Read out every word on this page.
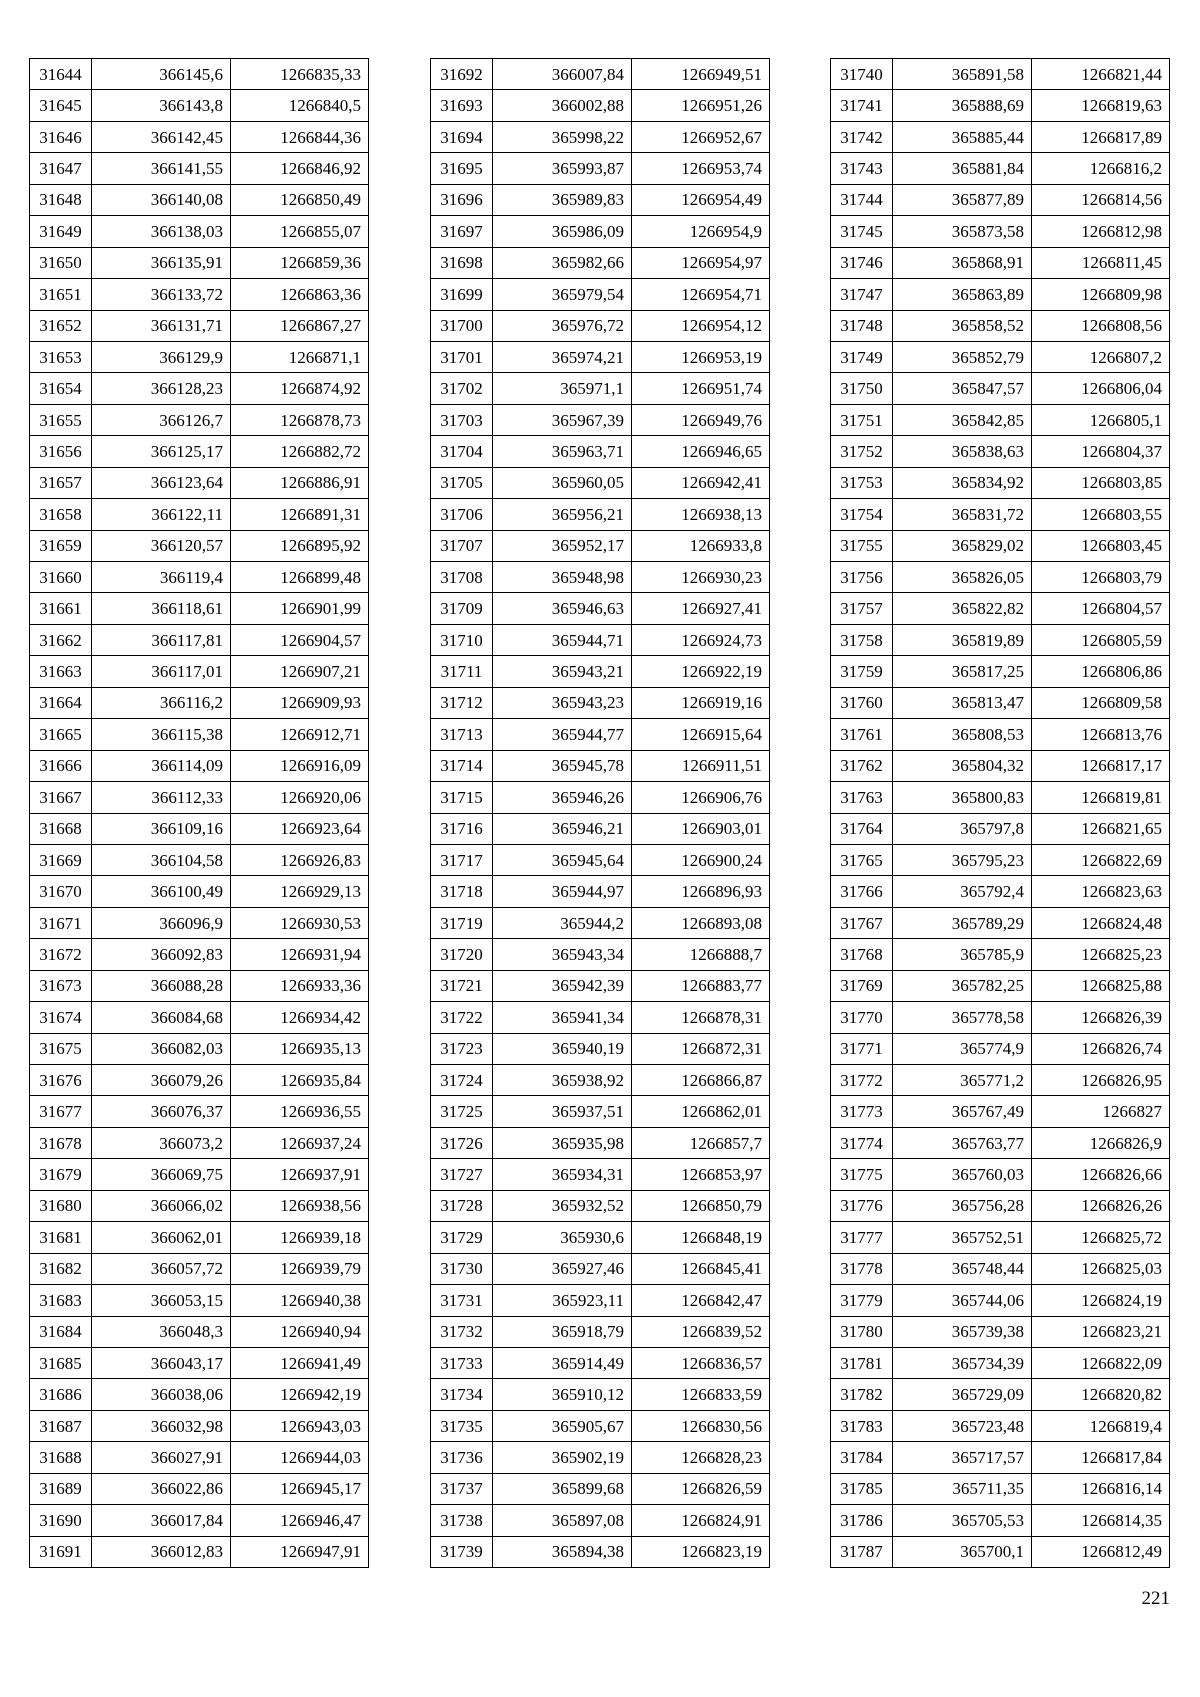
31644	366145,6	1266835,33
31645	366143,8	1266840,5
31646	366142,45	1266844,36
31647	366141,55	1266846,92
31648	366140,08	1266850,49
31649	366138,03	1266855,07
31650	366135,91	1266859,36
31651	366133,72	1266863,36
31652	366131,71	1266867,27
31653	366129,9	1266871,1
31654	366128,23	1266874,92
31655	366126,7	1266878,73
31656	366125,17	1266882,72
31657	366123,64	1266886,91
31658	366122,11	1266891,31
31659	366120,57	1266895,92
31660	366119,4	1266899,48
31661	366118,61	1266901,99
31662	366117,81	1266904,57
31663	366117,01	1266907,21
31664	366116,2	1266909,93
31665	366115,38	1266912,71
31666	366114,09	1266916,09
31667	366112,33	1266920,06
31668	366109,16	1266923,64
31669	366104,58	1266926,83
31670	366100,49	1266929,13
31671	366096,9	1266930,53
31672	366092,83	1266931,94
31673	366088,28	1266933,36
31674	366084,68	1266934,42
31675	366082,03	1266935,13
31676	366079,26	1266935,84
31677	366076,37	1266936,55
31678	366073,2	1266937,24
31679	366069,75	1266937,91
31680	366066,02	1266938,56
31681	366062,01	1266939,18
31682	366057,72	1266939,79
31683	366053,15	1266940,38
31684	366048,3	1266940,94
31685	366043,17	1266941,49
31686	366038,06	1266942,19
31687	366032,98	1266943,03
31688	366027,91	1266944,03
31689	366022,86	1266945,17
31690	366017,84	1266946,47
31691	366012,83	1266947,91
31692	366007,84	1266949,51
31693	366002,88	1266951,26
31694	365998,22	1266952,67
31695	365993,87	1266953,74
31696	365989,83	1266954,49
31697	365986,09	1266954,9
31698	365982,66	1266954,97
31699	365979,54	1266954,71
31700	365976,72	1266954,12
31701	365974,21	1266953,19
31702	365971,1	1266951,74
31703	365967,39	1266949,76
31704	365963,71	1266946,65
31705	365960,05	1266942,41
31706	365956,21	1266938,13
31707	365952,17	1266933,8
31708	365948,98	1266930,23
31709	365946,63	1266927,41
31710	365944,71	1266924,73
31711	365943,21	1266922,19
31712	365943,23	1266919,16
31713	365944,77	1266915,64
31714	365945,78	1266911,51
31715	365946,26	1266906,76
31716	365946,21	1266903,01
31717	365945,64	1266900,24
31718	365944,97	1266896,93
31719	365944,2	1266893,08
31720	365943,34	1266888,7
31721	365942,39	1266883,77
31722	365941,34	1266878,31
31723	365940,19	1266872,31
31724	365938,92	1266866,87
31725	365937,51	1266862,01
31726	365935,98	1266857,7
31727	365934,31	1266853,97
31728	365932,52	1266850,79
31729	365930,6	1266848,19
31730	365927,46	1266845,41
31731	365923,11	1266842,47
31732	365918,79	1266839,52
31733	365914,49	1266836,57
31734	365910,12	1266833,59
31735	365905,67	1266830,56
31736	365902,19	1266828,23
31737	365899,68	1266826,59
31738	365897,08	1266824,91
31739	365894,38	1266823,19
31740	365891,58	1266821,44
31741	365888,69	1266819,63
31742	365885,44	1266817,89
31743	365881,84	1266816,2
31744	365877,89	1266814,56
31745	365873,58	1266812,98
31746	365868,91	1266811,45
31747	365863,89	1266809,98
31748	365858,52	1266808,56
31749	365852,79	1266807,2
31750	365847,57	1266806,04
31751	365842,85	1266805,1
31752	365838,63	1266804,37
31753	365834,92	1266803,85
31754	365831,72	1266803,55
31755	365829,02	1266803,45
31756	365826,05	1266803,79
31757	365822,82	1266804,57
31758	365819,89	1266805,59
31759	365817,25	1266806,86
31760	365813,47	1266809,58
31761	365808,53	1266813,76
31762	365804,32	1266817,17
31763	365800,83	1266819,81
31764	365797,8	1266821,65
31765	365795,23	1266822,69
31766	365792,4	1266823,63
31767	365789,29	1266824,48
31768	365785,9	1266825,23
31769	365782,25	1266825,88
31770	365778,58	1266826,39
31771	365774,9	1266826,74
31772	365771,2	1266826,95
31773	365767,49	1266827
31774	365763,77	1266826,9
31775	365760,03	1266826,66
31776	365756,28	1266826,26
31777	365752,51	1266825,72
31778	365748,44	1266825,03
31779	365744,06	1266824,19
31780	365739,38	1266823,21
31781	365734,39	1266822,09
31782	365729,09	1266820,82
31783	365723,48	1266819,4
31784	365717,57	1266817,84
31785	365711,35	1266816,14
31786	365705,53	1266814,35
31787	365700,1	1266812,49
221
